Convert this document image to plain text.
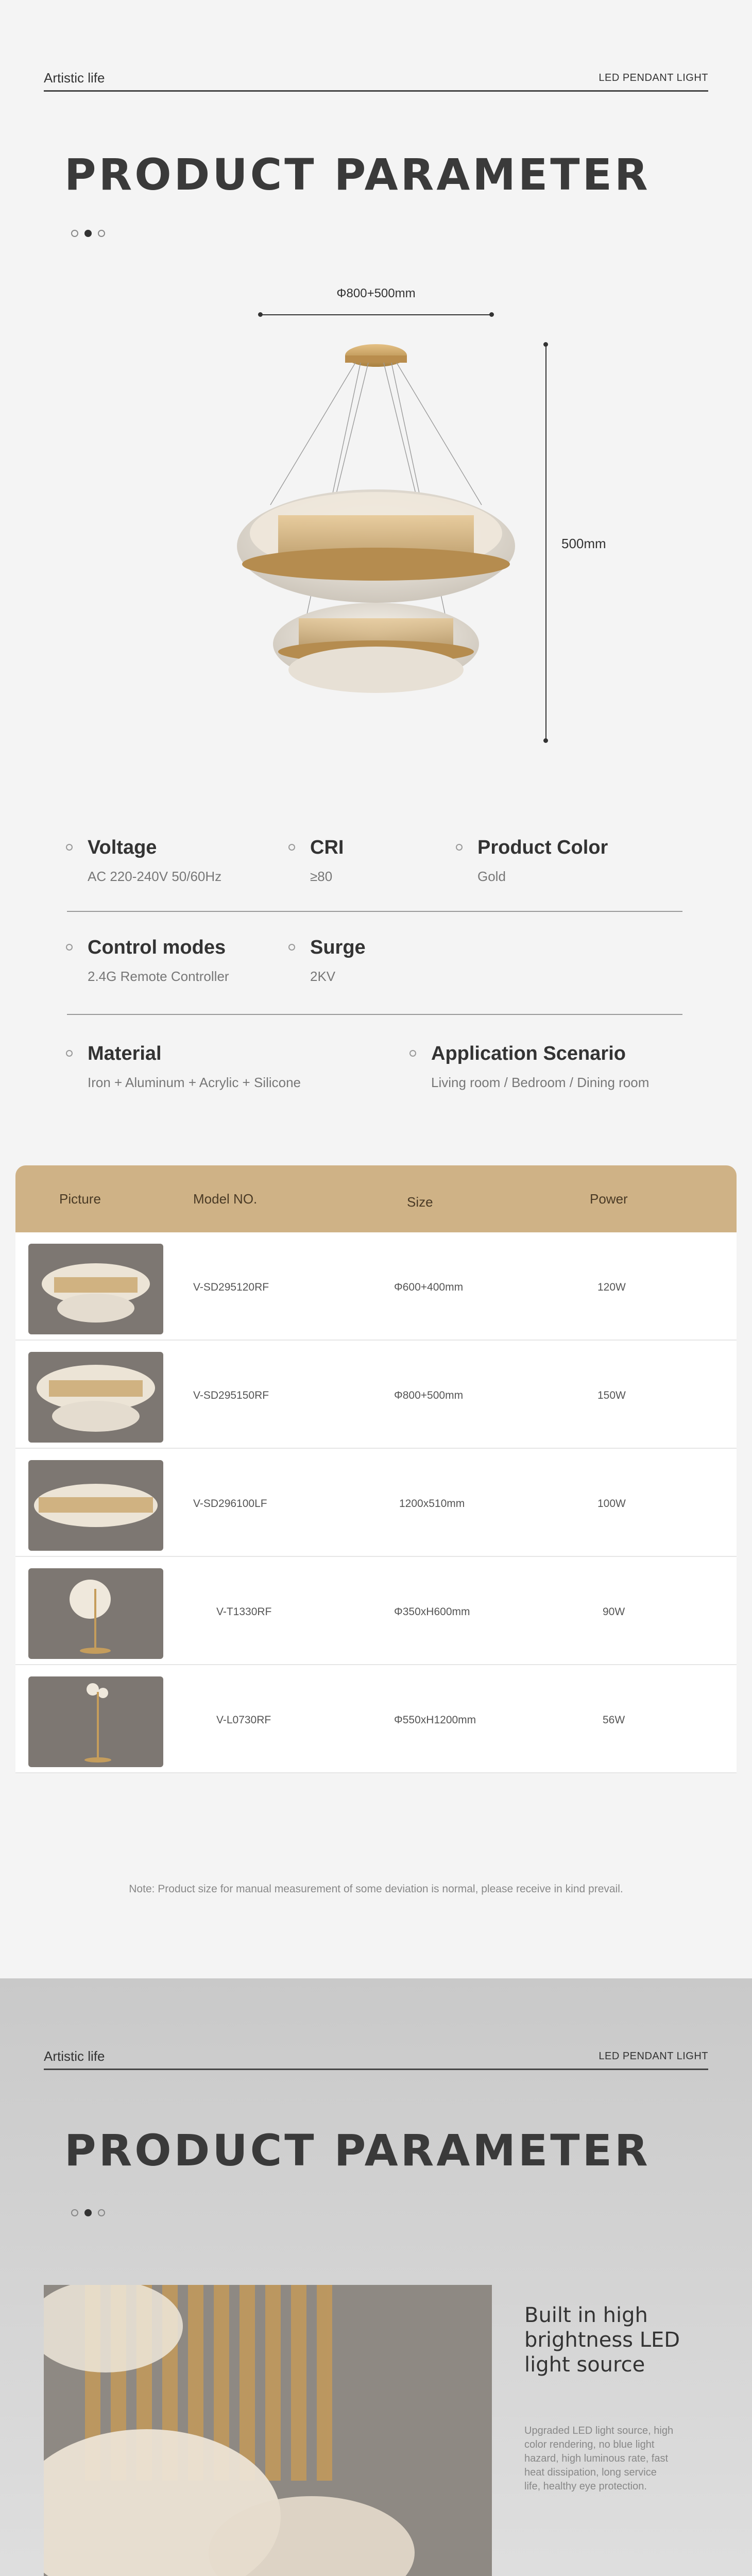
Artistic life	LED PENDANT LIGHT
PRODUCT PARAMETER
Φ800+500mm
500mm
Voltage
AC 220-240V 50/60Hz
CRI
≥80
Product Color
Gold
Control modes
2.4G Remote Controller
Surge
2KV
Material
Iron + Aluminum + Acrylic + Silicone
Application Scenario
Living room / Bedroom / Dining room
Picture	Model NO.	Size	Power
V-SD295120RF	Φ600+400mm	120W
V-SD295150RF	Φ800+500mm	150W
V-SD296100LF	1200x510mm	100W
V-T1330RF	Φ350xH600mm	90W
V-L0730RF	Φ550xH1200mm	56W
Note: Product size for manual measurement of some deviation is normal, please receive in kind prevail.
Artistic life	LED PENDANT LIGHT
PRODUCT PARAMETER
Built in high brightness LED light source
Upgraded LED light source, high color rendering, no blue light hazard, high luminous rate, fast heat dissipation, long service life, healthy eye protection.
